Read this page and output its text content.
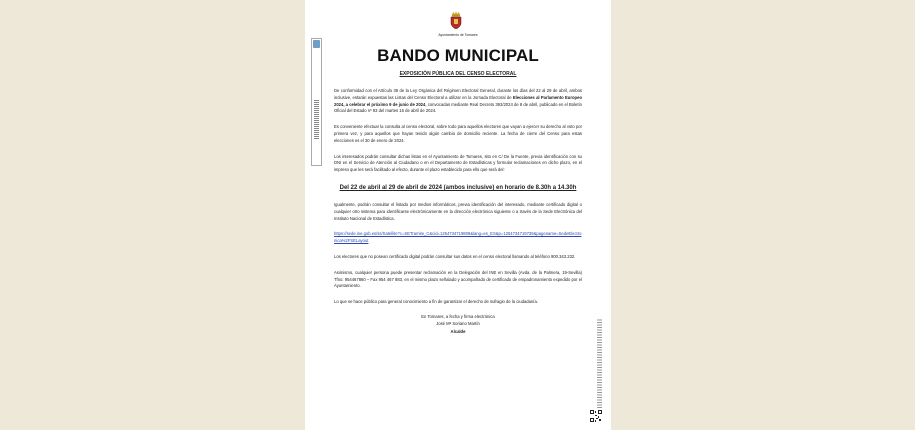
Ayuntamiento de Tomares
BANDO MUNICIPAL
EXPOSICIÓN PÚBLICA DEL CENSO ELECTORAL

De conformidad con el Artículo 39 de la Ley Orgánica del Régimen Electoral General, durante los días del 22 al 29 de abril, ambos inclusive, estarán expuestas las Listas del Censo Electoral a utilizar en la Jornada Electoral de Elecciones al Parlamento Europeo 2024, a celebrar el próximo 9 de junio de 2024, convocadas mediante Real Decreto 393/2024 de 8 de abril, publicado en el Boletín Oficial del Estado nº 93 del martes 16 de abril de 2024.

Es conveniente efectuar la consulta al censo electoral, sobre todo para aquellos electores que vayan a ejercer su derecho al voto por primera vez, y para aquellos que hayan tenido algún cambio de domicilio reciente. La fecha de cierre del Censo para estas elecciones es el 30 de enero de 2024.

Los interesados podrán consultar dichas listas en el Ayuntamiento de Tomares, sito en C/ De la Fuente, previa identificación con su DNI en el Servicio de Atención al Ciudadano o en el Departamento de Estadísticas y formular reclamaciones en dicho plazo, en el impreso que les será facilitado al efecto, durante el plazo establecido para ello que será del:

Del 22 de abril al 29 de abril de 2024 (ambos inclusive) en horario de 8.30h a 14.30h

Igualmente, podrán consultar el listado por medios informáticos, previa identificación del interesado, mediante certificado digital o cualquier otro sistema para identificarse electrónicamente en la dirección electrónica siguiente o a través de la Sede Electrónica del Instituto Nacional de Estadística.

https://sede.ine.gob.es/ss/Satellite?c=SETramite_C&cid=1254734719809&lang=es_ES&p=1254734719739&pagename=SedeElectronica%2FSELayout

Los electores que no posean certificado digital podrán consultar sus datos en el censo electoral llamando al teléfono 900.343.232.

Asimismo, cualquier persona puede presentar reclamación en la Delegación del INE en Sevilla (Avda. de la Palmera, 19-Sevilla) Tfno: 954467860 – Fax 954 467 883, en el mismo plazo señalado y acompañado de certificado de empadronamiento expedido por el Ayuntamiento.

Lo que se hace público para general conocimiento a fin de garantizar el derecho de sufragio de la ciudadanía.

En Tomares, a fecha y firma electrónica
José Mª Soriano Martín
Alcalde
